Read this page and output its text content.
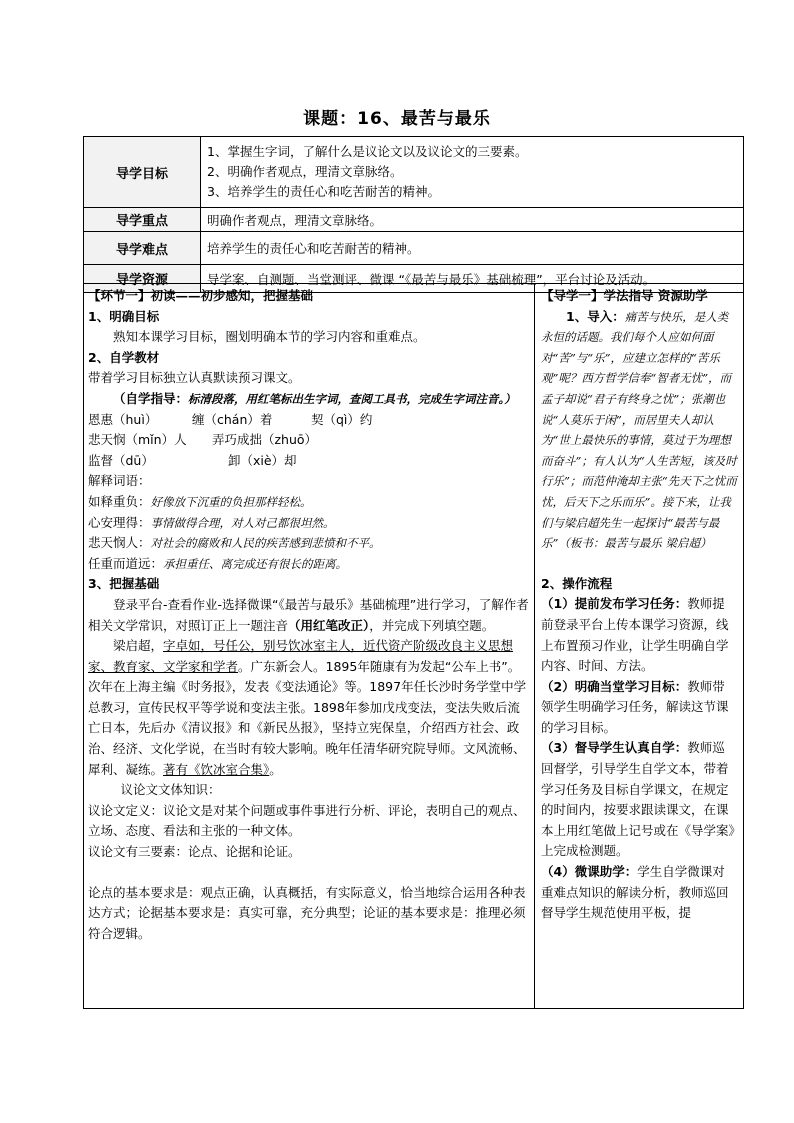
课题：16、最苦与最乐
导学目标	1、掌握生字词，了解什么是议论文以及议论文的三要素。
2、明确作者观点，理清文章脉络。
3、培养学生的责任心和吃苦耐苦的精神。

导学重点	明确作者观点，理清文章脉络。
导学难点	培养学生的责任心和吃苦耐苦的精神。
导学资源	导学案、自测题、当堂测评、微课 “《最苦与最乐》基础梳理”，平台讨论及活动。

【环节一】初读——初步感知，把握基础

1、明确目标

熟知本课学习目标，圈划明确本节的学习内容和重难点。

2、自学教材

带着学习目标独立认真默读预习课文。

（自学指导：标清段落，用红笔标出生字词，查阅工具书，完成生字词注音。）

恩惠（huì）	缠（chán）着	契（qì）约

悲天悯（mǐn）人 弄巧成拙（zhuō）

监督（dū）	卸（xiè）却

解释词语：

如释重负：好像放下沉重的负担那样轻松。

心安理得：事情做得合理，对人对己都很坦然。

悲天悯人：对社会的腐败和人民的疾苦感到悲愤和不平。

任重而道远：承担重任、离完成还有很长的距离。

3、把握基础

登录平台-查看作业-选择微课“《最苦与最乐》基础梳理”进行学习，了解作者相关文学常识，对照订正上一题注音（用红笔改正），并完成下列填空题。

梁启超，字卓如，号任公，别号饮冰室主人，近代资产阶级改良主义思想家、教育家、文学家和学者。广东新会人。1895年随康有为发起“公车上书”。次年在上海主编《时务报》，发表《变法通论》等。1897年任长沙时务学堂中学总教习，宣传民权平等学说和变法主张。1898年参加戊戌变法，变法失败后流亡日本，先后办《清议报》和《新民丛报》，坚持立宪保皇，介绍西方社会、政治、经济、文化学说，在当时有较大影响。晚年任清华研究院导师。文风流畅、犀利、凝练。著有《饮冰室合集》。

议论文文体知识：

议论文定义：议论文是对某个问题或事件事进行分析、评论，表明自己的观点、立场、态度、看法和主张的一种文体。

议论文有三要素：论点、论据和论证。

论点的基本要求是：观点正确，认真概括，有实际意义，恰当地综合运用各种表达方式；论据基本要求是：真实可靠，充分典型；论证的基本要求是：推理必须符合逻辑。

【导学一】学法指导 资源助学

1、导入：痛苦与快乐，是人类永恒的话题。我们每个人应如何面对“苦”与“乐”，应建立怎样的“苦乐观”呢？西方哲学信奉“智者无忧”，而孟子却说“君子有终身之忧”；张潮也说“人莫乐于闲”，而居里夫人却认为“世上最快乐的事情，莫过于为理想而奋斗”；有人认为“人生苦短，该及时行乐”；而范仲淹却主张“先天下之忧而忧，后天下之乐而乐”。接下来，让我们与梁启超先生一起探讨“最苦与最乐”（板书：最苦与最乐 梁启超）

2、操作流程

（1）提前发布学习任务：教师提前登录平台上传本课学习资源，线上布置预习作业，让学生明确自学内容、时间、方法。

（2）明确当堂学习目标：教师带领学生明确学习任务，解读这节课的学习目标。

（3）督导学生认真自学：教师巡回督学，引导学生自学文本，带着学习任务及目标自学课文，在规定的时间内，按要求跟读课文，在课本上用红笔做上记号或在《导学案》上完成检测题。

（4）微课助学：学生自学微课对重难点知识的解读分析，教师巡回督导学生规范使用平板，提
